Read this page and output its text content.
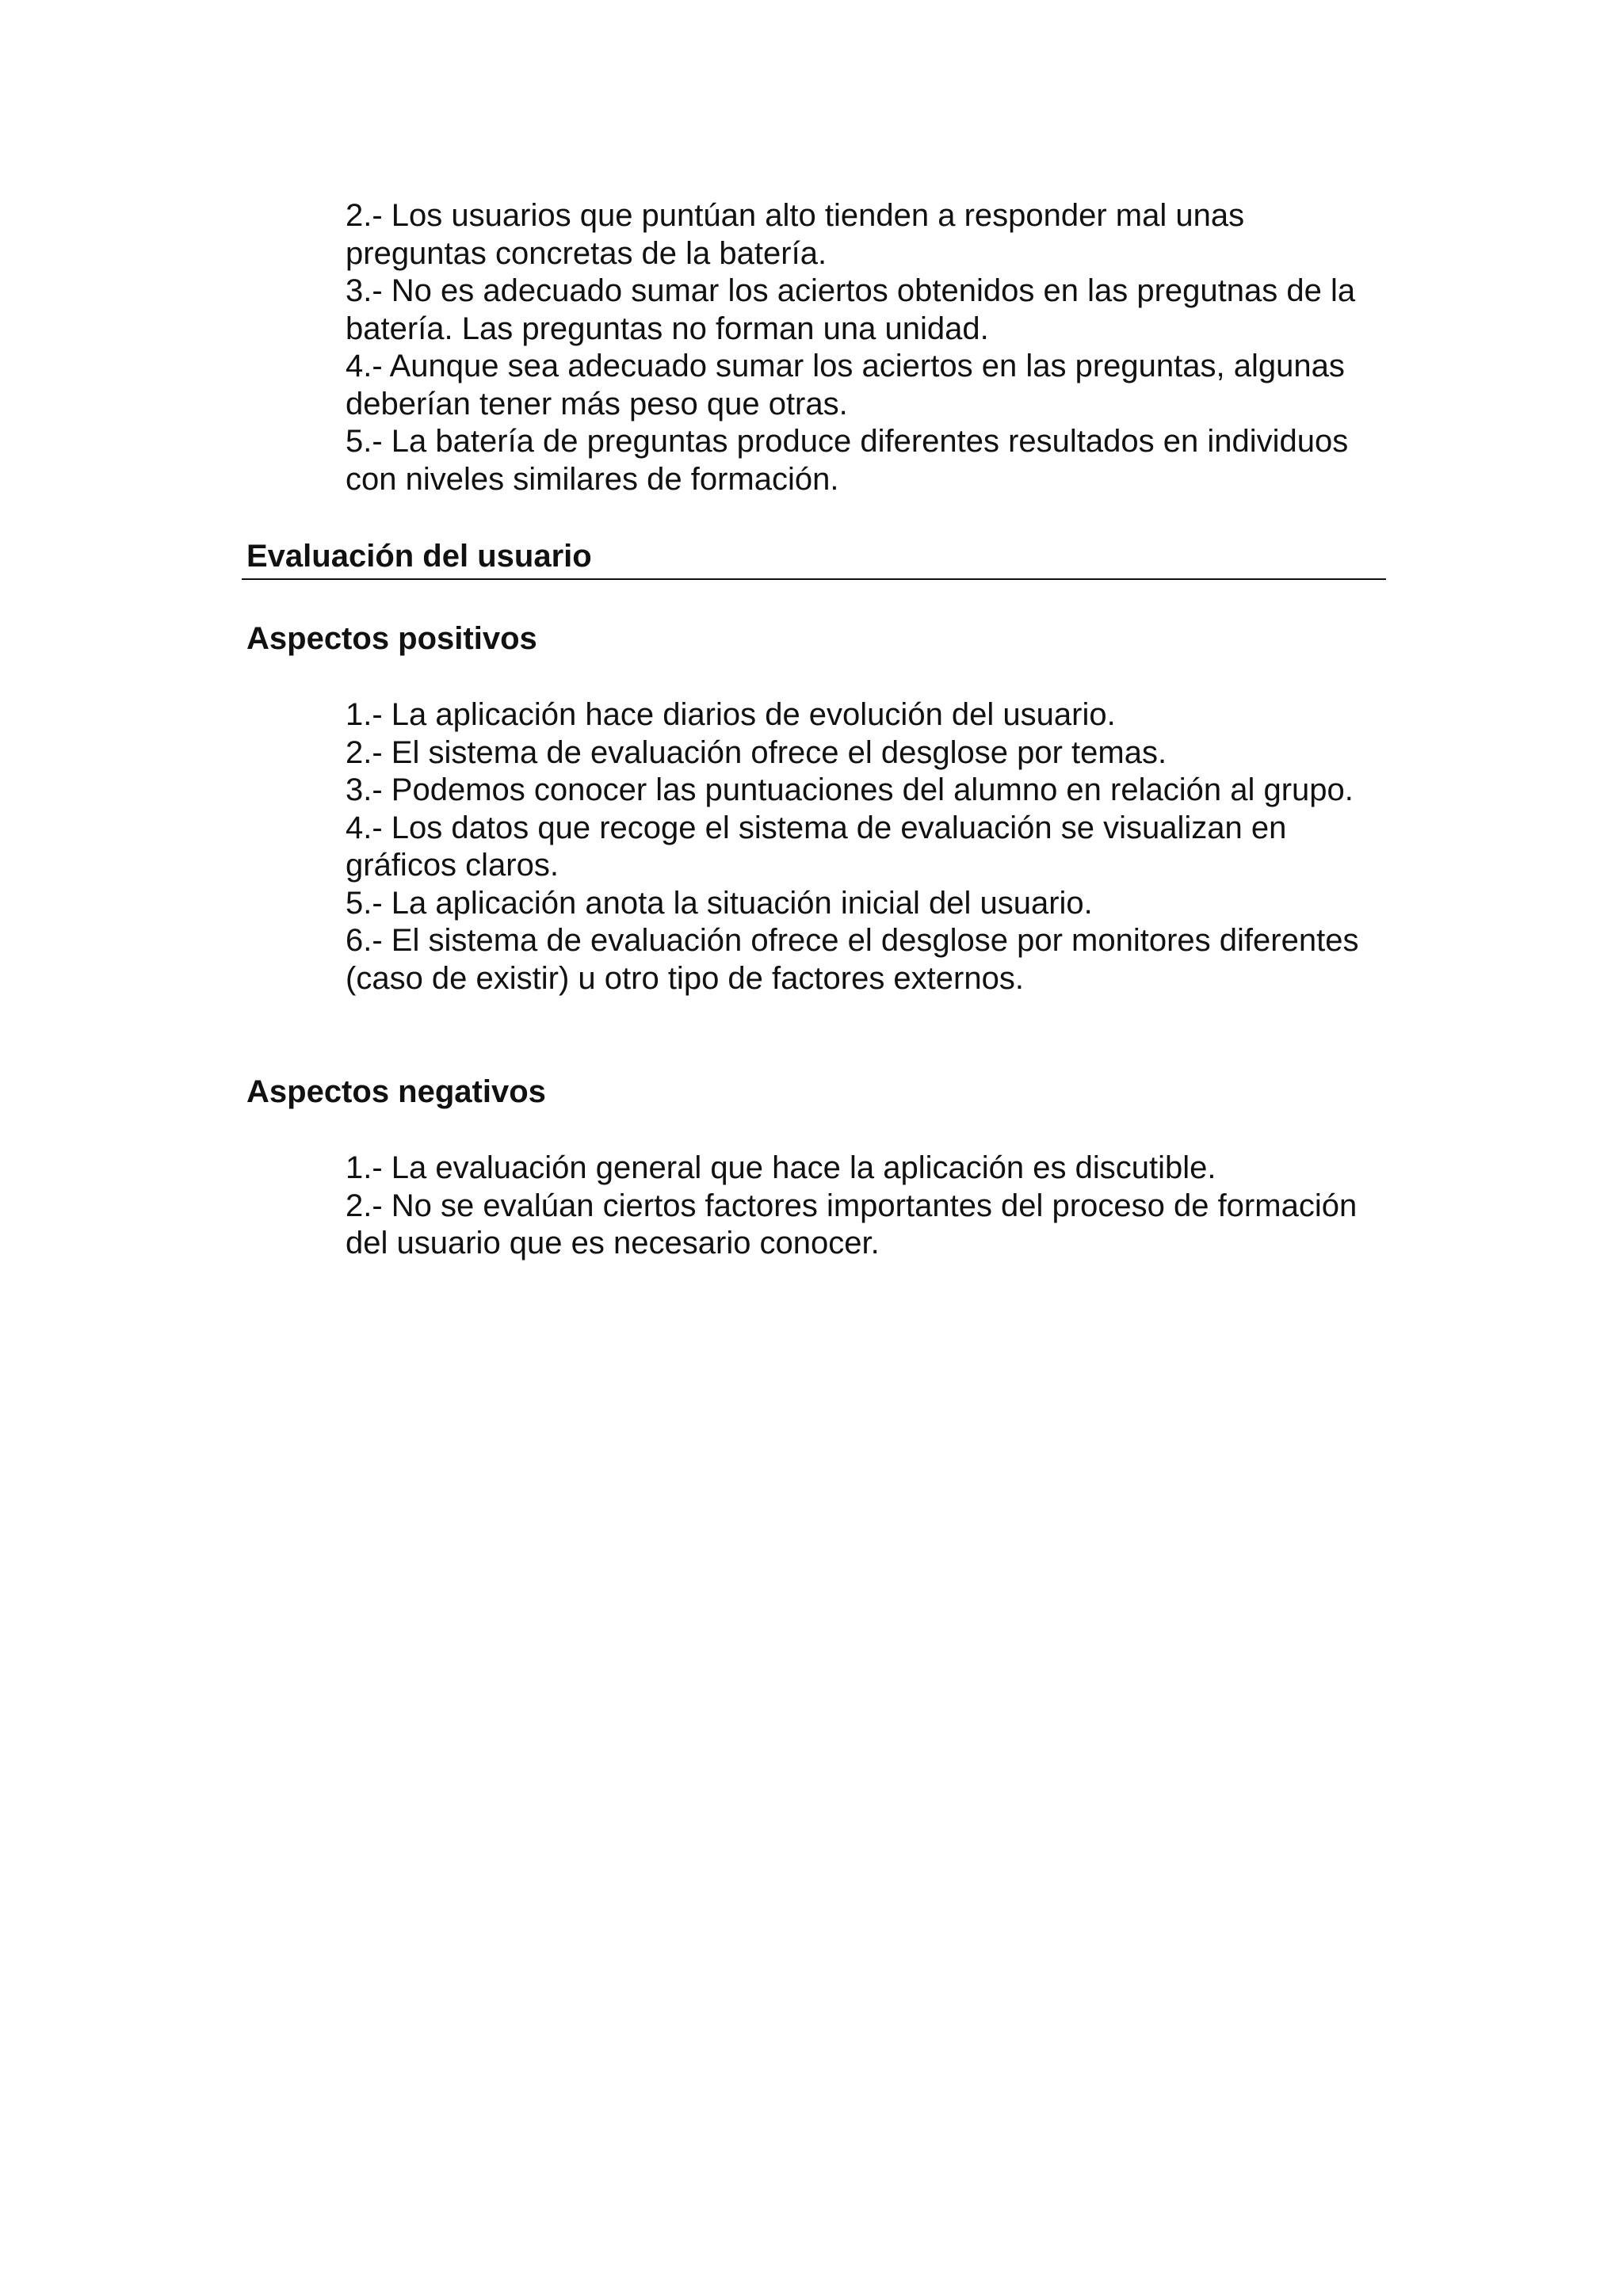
2.- Los usuarios que puntúan alto tienden a responder mal unas preguntas concretas de la batería.

3.- No es adecuado sumar los aciertos obtenidos en las pregutnas de la batería. Las preguntas no forman una unidad.

4.- Aunque sea adecuado sumar los aciertos en las preguntas, algunas deberían tener más peso que otras.

5.- La batería de preguntas produce diferentes resultados en individuos con niveles similares de formación.

Evaluación del usuario
Aspectos positivos

1.- La aplicación hace diarios de evolución del usuario.

2.- El sistema de evaluación ofrece el desglose por temas.

3.- Podemos conocer las puntuaciones del alumno en relación al grupo.

4.- Los datos que recoge el sistema de evaluación se visualizan en gráficos claros.

5.- La aplicación anota la situación inicial del usuario.

6.- El sistema de evaluación ofrece el desglose por monitores diferentes (caso de existir) u otro tipo de factores externos.

Aspectos negativos

1.- La evaluación general que hace la aplicación es discutible.

2.- No se evalúan ciertos factores importantes del proceso de formación del usuario que es necesario conocer.
